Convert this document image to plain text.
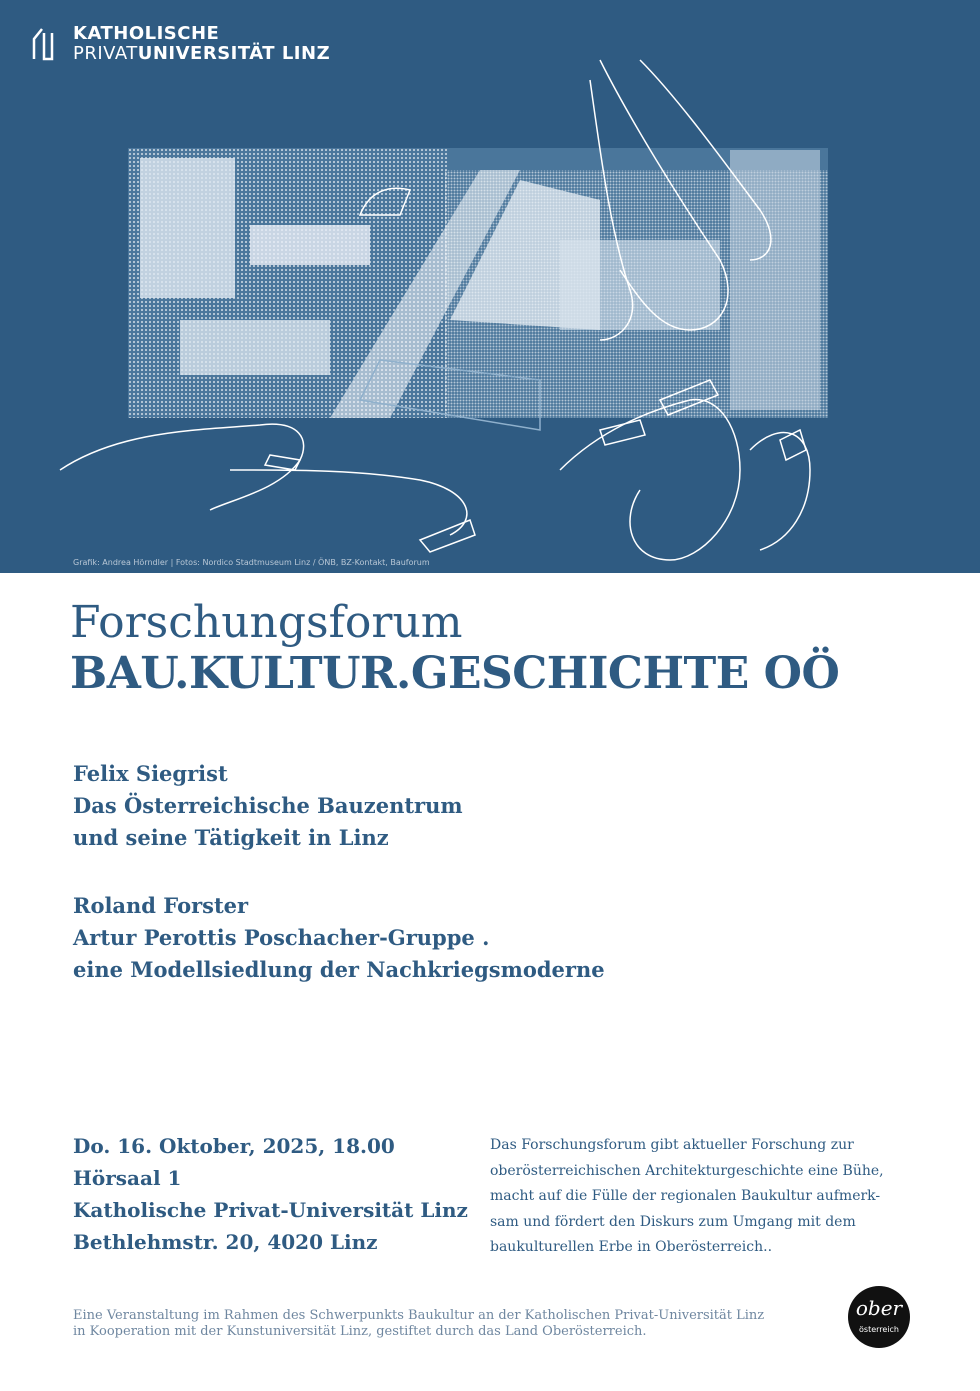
KATHOLISCHE
PRIVATUNIVERSITÄT LINZ
Grafik: Andrea Hörndler | Fotos: Nordico Stadtmuseum Linz / ÖNB, BZ-Kontakt, Bauforum
Forschungsforum
BAU.KULTUR.GESCHICHTE OÖ
Felix Siegrist
Das Österreichische Bauzentrum
und seine Tätigkeit in Linz
Roland Forster
Artur Perottis Poschacher-Gruppe .
eine Modellsiedlung der Nachkriegsmoderne
Do. 16. Oktober, 2025, 18.00
Hörsaal 1
Katholische Privat-Universität Linz
Bethlehmstr. 20, 4020 Linz
Das Forschungsforum gibt aktueller Forschung zur
oberösterreichischen Architekturgeschichte eine Bühe,
macht auf die Fülle der regionalen Baukultur aufmerk-
sam und fördert den Diskurs zum Umgang mit dem
baukulturellen Erbe in Oberösterreich..
Eine Veranstaltung im Rahmen des Schwerpunkts Baukultur an der Katholischen Privat-Universität Linz
in Kooperation mit der Kunstuniversität Linz, gestiftet durch das Land Oberösterreich.
ober
österreich
